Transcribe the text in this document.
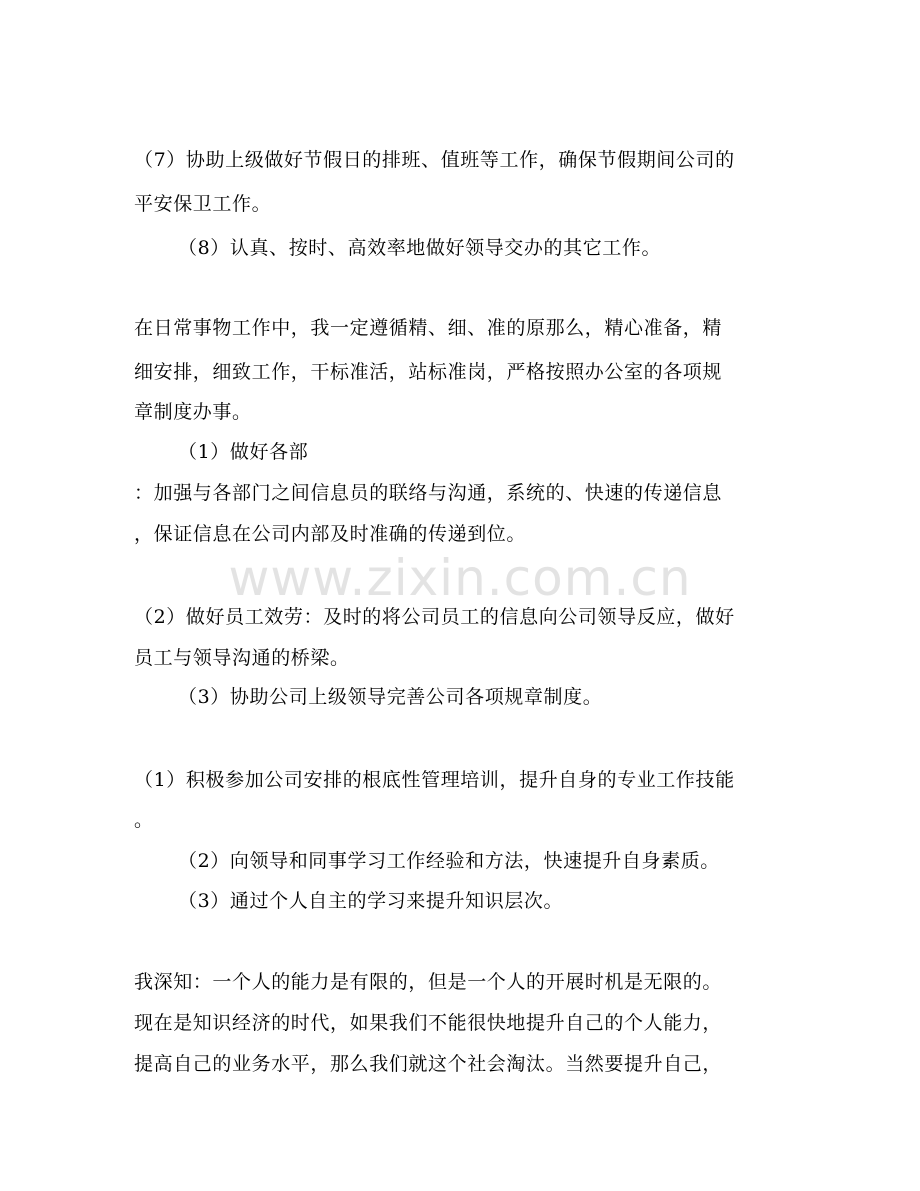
www.zixin.com.cn
（7）协助上级做好节假日的排班、值班等工作，确保节假期间公司的
平安保卫工作。
（8）认真、按时、高效率地做好领导交办的其它工作。
在日常事物工作中，我一定遵循精、细、准的原那么，精心准备，精
细安排，细致工作，干标准活，站标准岗，严格按照办公室的各项规
章制度办事。
（1）做好各部
：加强与各部门之间信息员的联络与沟通，系统的、快速的传递信息
，保证信息在公司内部及时准确的传递到位。
（2）做好员工效劳：及时的将公司员工的信息向公司领导反应，做好
员工与领导沟通的桥梁。
（3）协助公司上级领导完善公司各项规章制度。
（1）积极参加公司安排的根底性管理培训，提升自身的专业工作技能
。
（2）向领导和同事学习工作经验和方法，快速提升自身素质。
（3）通过个人自主的学习来提升知识层次。
我深知：一个人的能力是有限的，但是一个人的开展时机是无限的。
现在是知识经济的时代，如果我们不能很快地提升自己的个人能力，
提高自己的业务水平，那么我们就这个社会淘汰。当然要提升自己，
